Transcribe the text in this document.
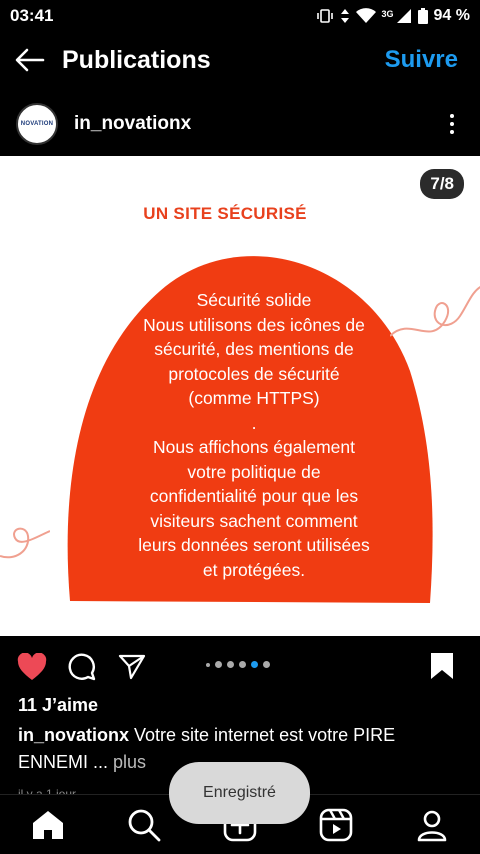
03:41	3G	94 %
Publications	Suivre
NOVATION in_novationx
7/8
UN SITE SÉCURISÉ
Sécurité solide
Nous utilisons des icônes de
sécurité, des mentions de
protocoles de sécurité
(comme HTTPS)
.
Nous affichons également
votre politique de
confidentialité pour que les
visiteurs sachent comment
leurs données seront utilisées
et protégées.
11 J’aime
in_novationx Votre site internet est votre PIRE ENNEMI ... plus
Enregistré
